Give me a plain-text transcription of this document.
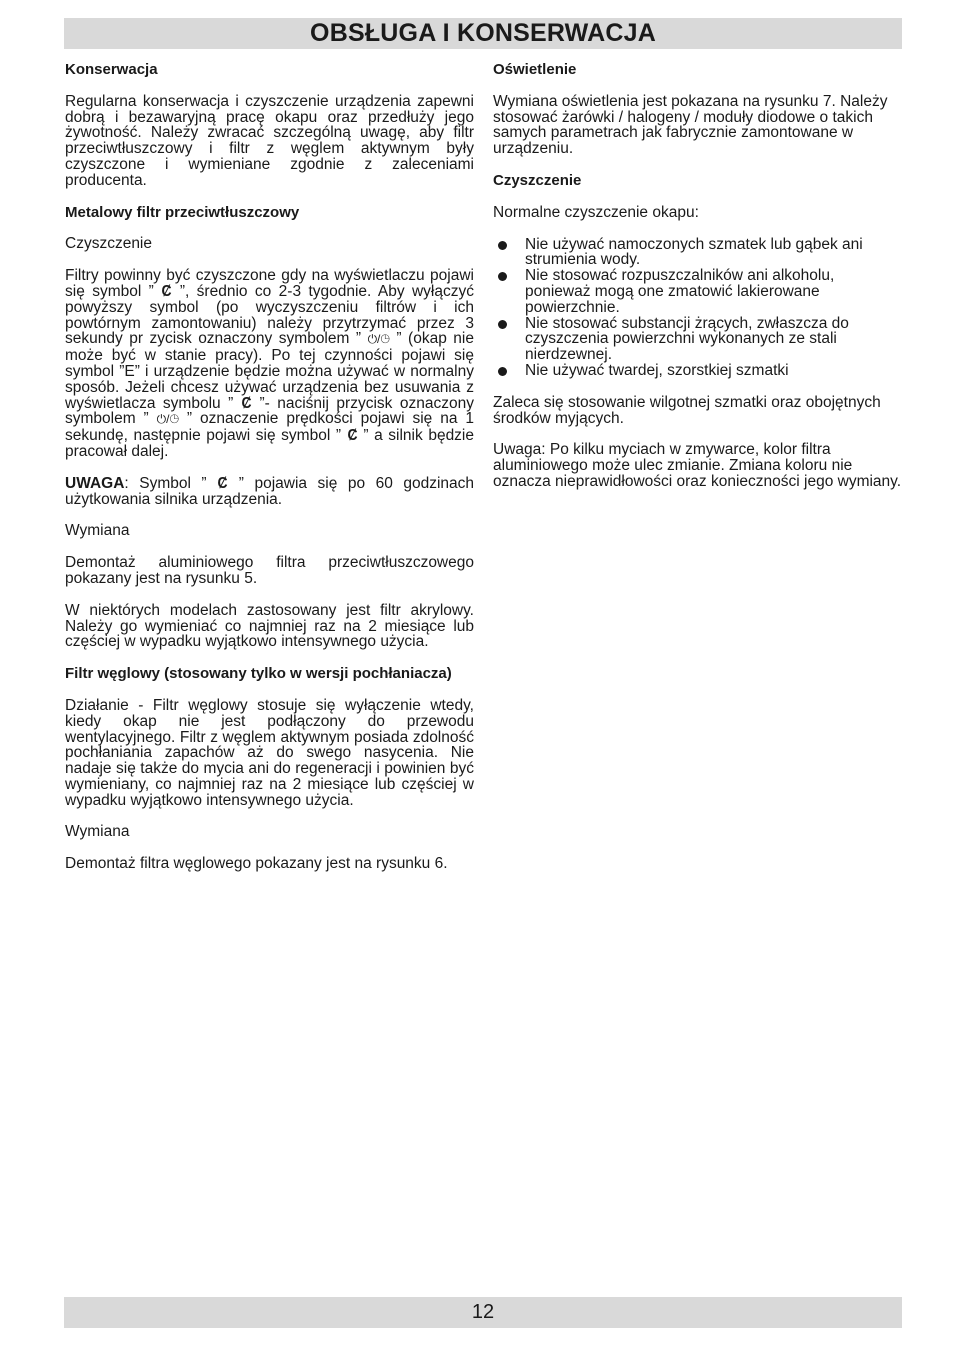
OBSŁUGA I KONSERWACJA

Konserwacja

Regularna konserwacja i czyszczenie urządzenia zapewni dobrą i bezawaryjną pracę okapu oraz przedłuży jego żywotność. Należy zwracać szczególną uwagę, aby filtr przeciwtłuszczowy i filtr z węglem aktywnym były czyszczone i wymieniane zgodnie z zaleceniami producenta.

Metalowy filtr przeciwtłuszczowy

Czyszczenie

Filtry powinny być czyszczone gdy na wyświetlaczu pojawi się symbol ” Ȼ ”, średnio co 2-3 tygodnie. Aby wyłączyć powyższy symbol (po wyczyszczeniu filtrów i ich powtórnym zamontowaniu) należy przytrzymać przez 3 sekundy pr zycisk oznaczony symbolem ” ⏻/◷ ” (okap nie może być w stanie pracy). Po tej czynności pojawi się symbol ”E” i urządzenie będzie można używać w normalny sposób. Jeżeli chcesz używać urządzenia bez usuwania z wyświetlacza symbolu ” Ȼ ”- naciśnij przycisk oznaczony symbolem ” ⏻/◷ ” oznaczenie prędkości pojawi się na 1 sekundę, następnie pojawi się symbol ” Ȼ ” a silnik będzie pracował dalej.

UWAGA: Symbol ” Ȼ ” pojawia się po 60 godzinach użytkowania silnika urządzenia.

Wymiana

Demontaż aluminiowego filtra przeciwtłuszczowego pokazany jest na rysunku 5.

W niektórych modelach zastosowany jest filtr akrylowy. Należy go wymieniać co najmniej raz na 2 miesiące lub częściej w wypadku wyjątkowo intensywnego użycia.

Filtr węglowy (stosowany tylko w wersji pochłaniacza)

Działanie - Filtr węglowy stosuje się wyłączenie wtedy, kiedy okap nie jest podłączony do przewodu wentylacyjnego. Filtr z węglem aktywnym posiada zdolność pochłaniania zapachów aż do swego nasycenia. Nie nadaje się także do mycia ani do regeneracji i powinien być wymieniany, co najmniej raz na 2 miesiące lub częściej w wypadku wyjątkowo intensywnego użycia.

Wymiana

Demontaż filtra węglowego pokazany jest na rysunku 6.

Oświetlenie

Wymiana oświetlenia jest pokazana na rysunku 7. Należy stosować żarówki / halogeny / moduły diodowe o takich samych parametrach jak fabrycznie zamontowane w urządzeniu.

Czyszczenie

Normalne czyszczenie okapu:

Nie używać namoczonych szmatek lub gąbek ani strumienia wody.
Nie stosować rozpuszczalników ani alkoholu, ponieważ mogą one zmatowić lakierowane powierzchnie.
Nie stosować substancji żrących, zwłaszcza do czyszczenia powierzchni wykonanych ze stali nierdzewnej.
Nie używać twardej, szorstkiej szmatki

Zaleca się stosowanie wilgotnej szmatki oraz obojętnych środków myjących.

Uwaga: Po kilku myciach w zmywarce, kolor filtra aluminiowego może ulec zmianie. Zmiana koloru nie oznacza nieprawidłowości oraz konieczności jego wymiany.

12
